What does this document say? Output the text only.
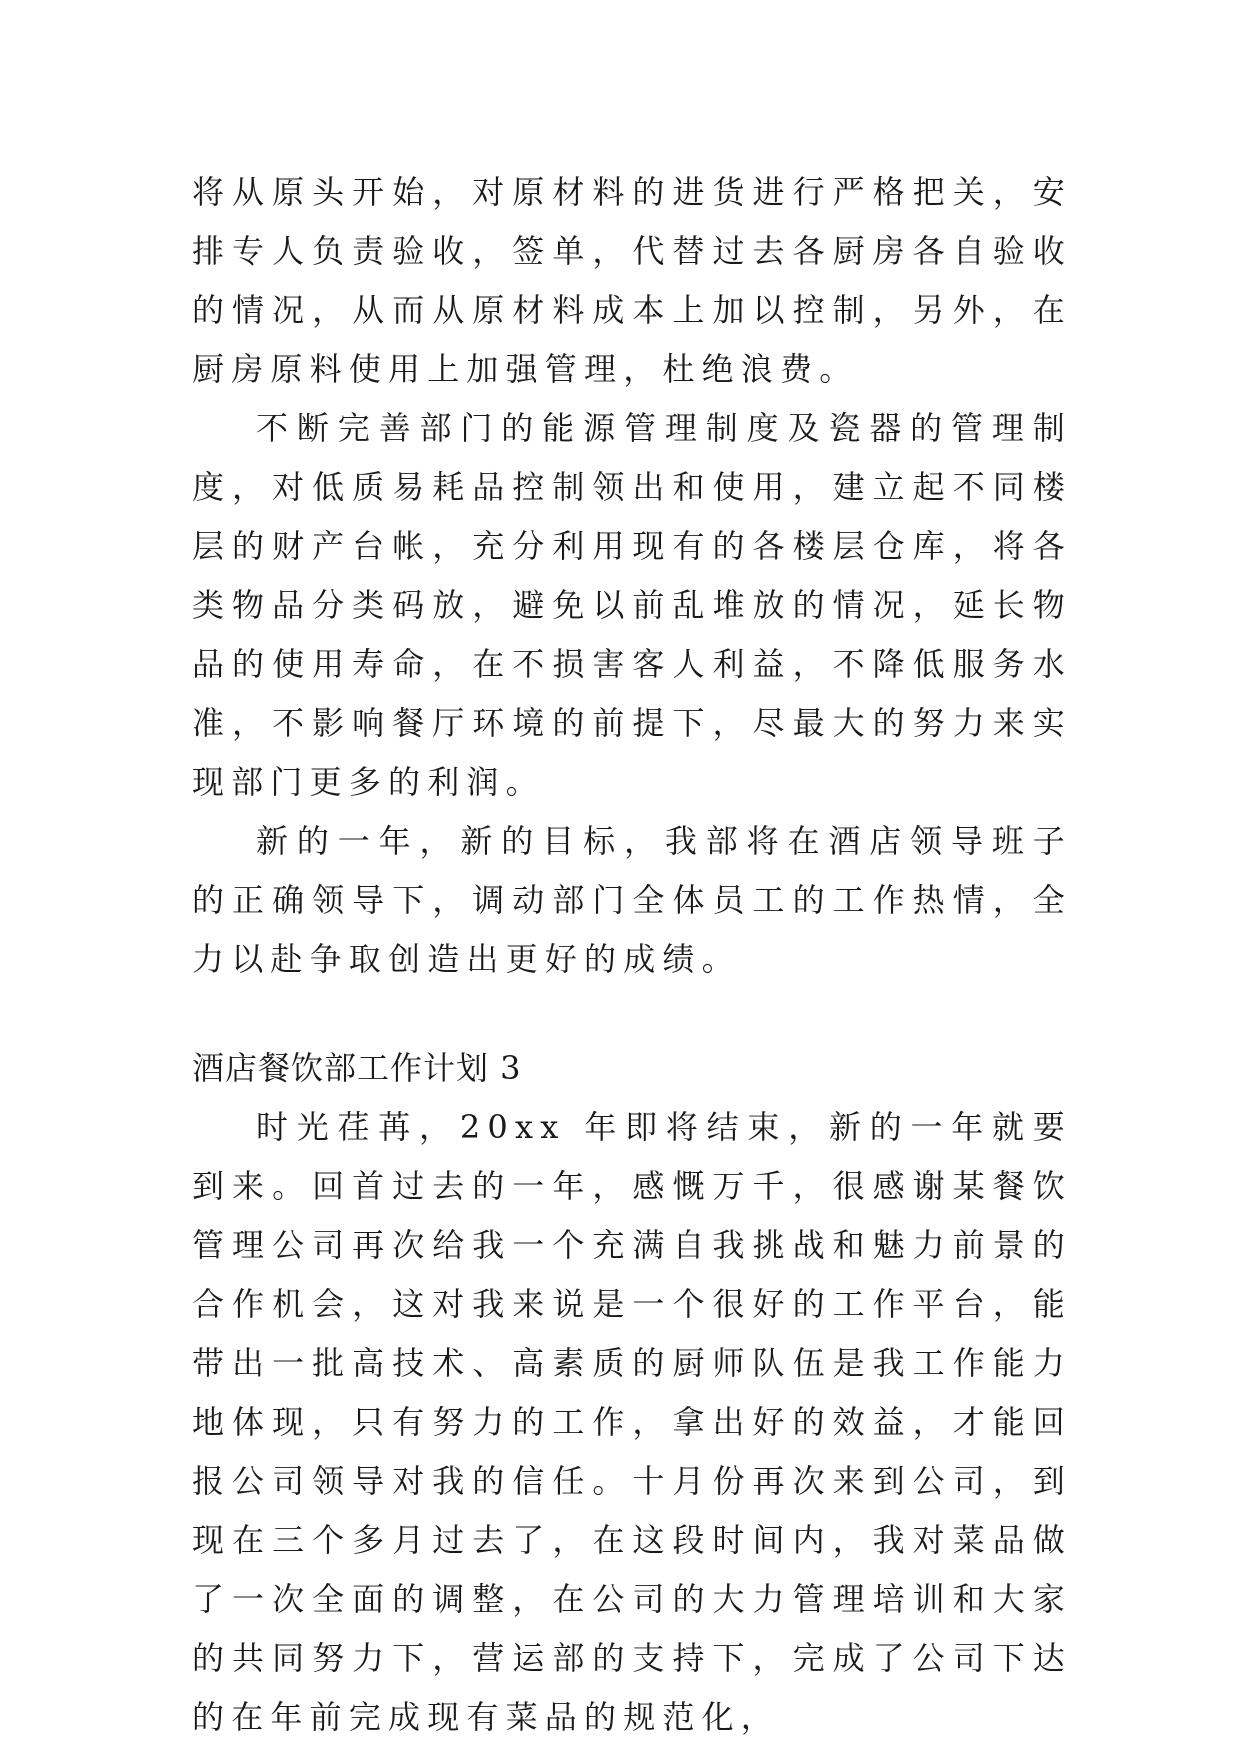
将从原头开始，对原材料的进货进行严格把关，安排专人负责验收，签单，代替过去各厨房各自验收的情况，从而从原材料成本上加以控制，另外，在厨房原料使用上加强管理，杜绝浪费。

不断完善部门的能源管理制度及瓷器的管理制度，对低质易耗品控制领出和使用，建立起不同楼层的财产台帐，充分利用现有的各楼层仓库，将各类物品分类码放，避免以前乱堆放的情况，延长物品的使用寿命，在不损害客人利益，不降低服务水准，不影响餐厅环境的前提下，尽最大的努力来实现部门更多的利润。

新的一年，新的目标，我部将在酒店领导班子的正确领导下，调动部门全体员工的工作热情，全力以赴争取创造出更好的成绩。

酒店餐饮部工作计划 3

时光荏苒，20xx 年即将结束，新的一年就要到来。回首过去的一年，感慨万千，很感谢某餐饮管理公司再次给我一个充满自我挑战和魅力前景的合作机会，这对我来说是一个很好的工作平台，能带出一批高技术、高素质的厨师队伍是我工作能力地体现，只有努力的工作，拿出好的效益，才能回报公司领导对我的信任。十月份再次来到公司，到现在三个多月过去了，在这段时间内，我对菜品做了一次全面的调整，在公司的大力管理培训和大家的共同努力下，营运部的支持下，完成了公司下达的在年前完成现有菜品的规范化，
